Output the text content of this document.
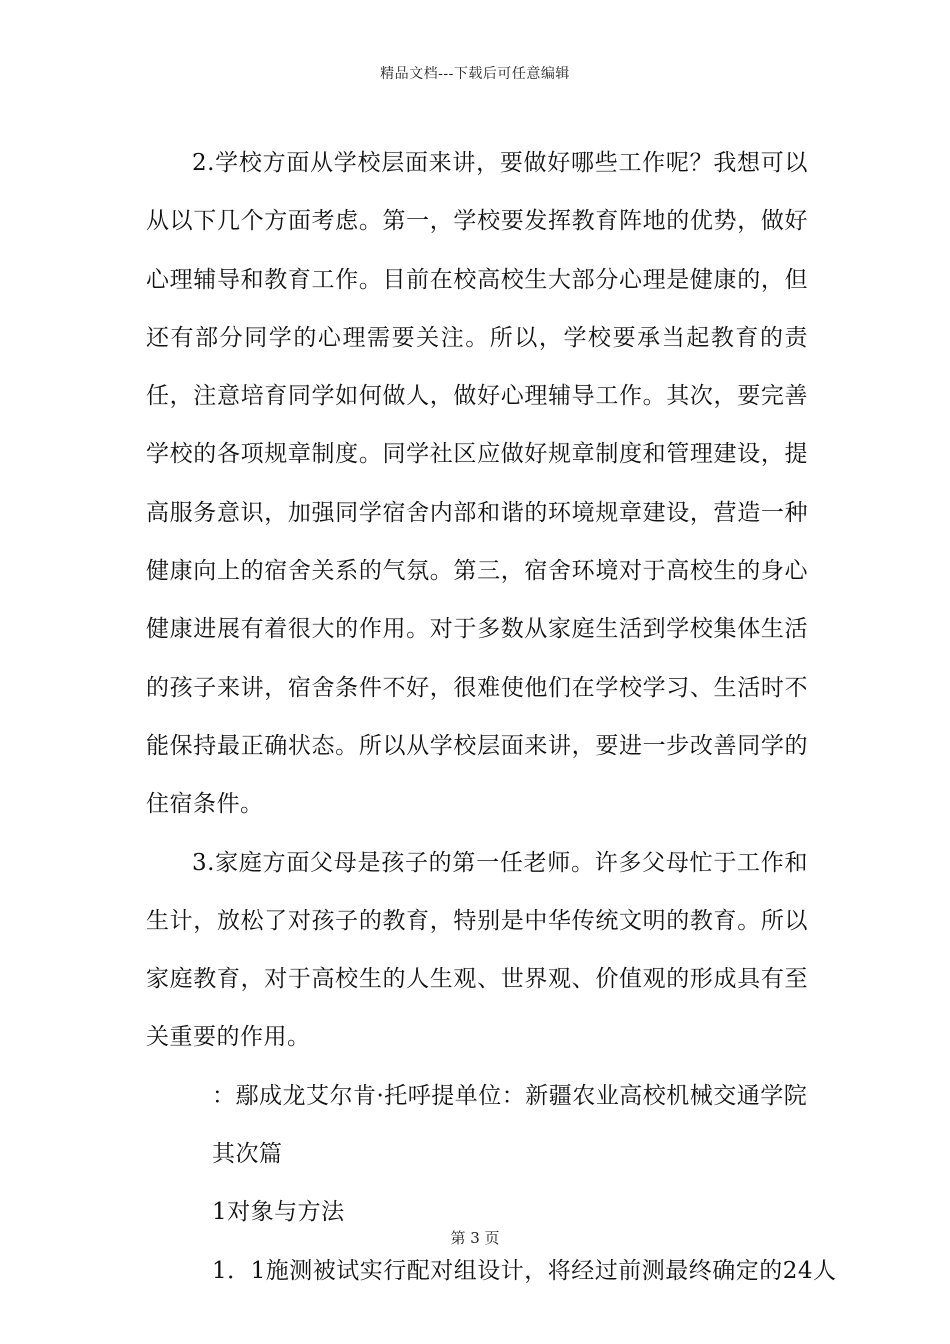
精品文档---下载后可任意编辑

2.学校方面从学校层面来讲，要做好哪些工作呢？我想可以从以下几个方面考虑。第一，学校要发挥教育阵地的优势，做好心理辅导和教育工作。目前在校高校生大部分心理是健康的，但还有部分同学的心理需要关注。所以，学校要承当起教育的责任，注意培育同学如何做人，做好心理辅导工作。其次，要完善学校的各项规章制度。同学社区应做好规章制度和管理建设，提高服务意识，加强同学宿舍内部和谐的环境规章建设，营造一种健康向上的宿舍关系的气氛。第三，宿舍环境对于高校生的身心健康进展有着很大的作用。对于多数从家庭生活到学校集体生活的孩子来讲，宿舍条件不好，很难使他们在学校学习、生活时不能保持最正确状态。所以从学校层面来讲，要进一步改善同学的住宿条件。

3.家庭方面父母是孩子的第一任老师。许多父母忙于工作和生计，放松了对孩子的教育，特别是中华传统文明的教育。所以家庭教育，对于高校生的人生观、世界观、价值观的形成具有至关重要的作用。

：鄢成龙艾尔肯·托呼提单位：新疆农业高校机械交通学院

其次篇

1对象与方法

1．1施测被试实行配对组设计，将经过前测最终确定的24人

第 3 页
